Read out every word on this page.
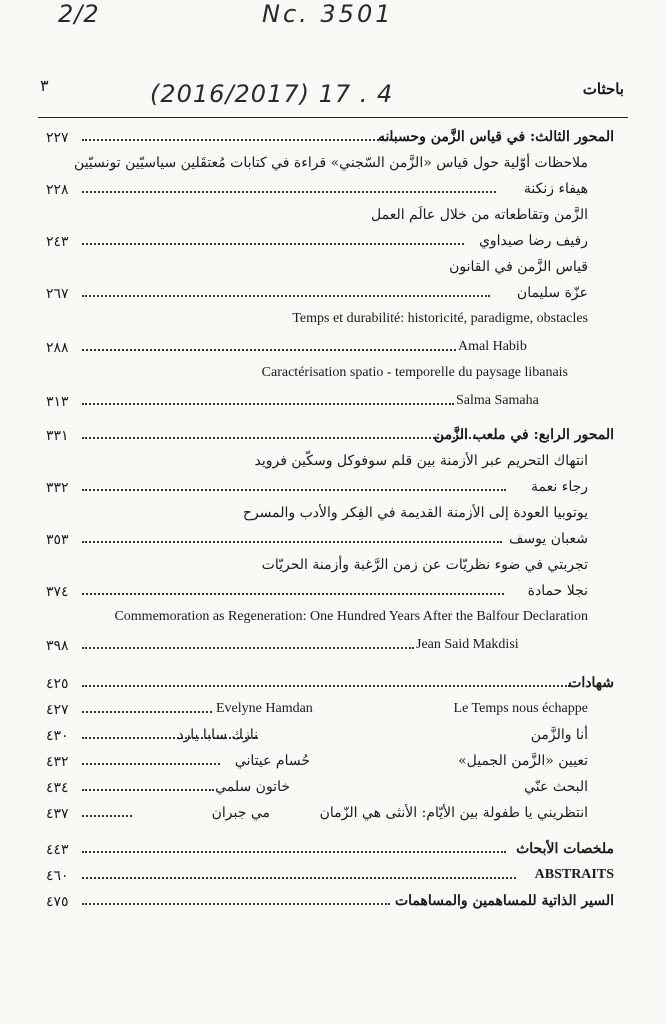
2/2	Nc. 3501
(2016/2017) 17 . 4
٣	باحثات
٢٢٧	المحور الثالث: في قياس الزَّمن وحسبانه
ملاحظات أوّلية حول قياس «الزَّمن السّجني» قراءة في كتابات مُعتقَلين سياسيّين تونسيّين
٢٢٨	هيفاء زنكنة
الزَّمن وتقاطعاته من خلال عالَم العمل
٢٤٣	رفيف رضا صيداوي
قياس الزَّمن في القانون
٢٦٧	عزّة سليمان
Temps et durabilité: historicité, paradigme, obstacles
٢٨٨	Amal Habib
Caractérisation spatio - temporelle du paysage libanais
٣١٣	Salma Samaha
٣٣١	المحور الرابع: في ملعب الزَّمن
انتهاك التحريم عبر الأزمنة بين قلم سوفوكل وسكّين فرويد
٣٣٢	رجاء نعمة
يوتوبيا العودة إلى الأزمنة القديمة في الفِكر والأدب والمسرح
٣٥٣	شعبان يوسف
تجربتي في ضوء نظريّات عن زمن الرَّغبة وأزمنة الحريّات
٣٧٤	نجلا حمادة
Commemoration as Regeneration: One Hundred Years After the Balfour Declaration
٣٩٨	Jean Said Makdisi
٤٢٥	شهادات
٤٢٧	Evelyne Hamdan	Le Temps nous échappe
٤٣٠	نازك سابا يارد	أنا والزَّمن
٤٣٢	حُسام عيتاني	تعيين «الزَّمن الجميل»
٤٣٤	خاتون سلمي	البحث عنّي
٤٣٧	مي جبران	انتظريني يا طفولة بين الأيّام: الأنثى هي الزّمان
٤٤٣	ملخصات الأبحاث
٤٦٠	ABSTRAITS
٤٧٥	السير الذاتية للمساهمين والمساهمات
